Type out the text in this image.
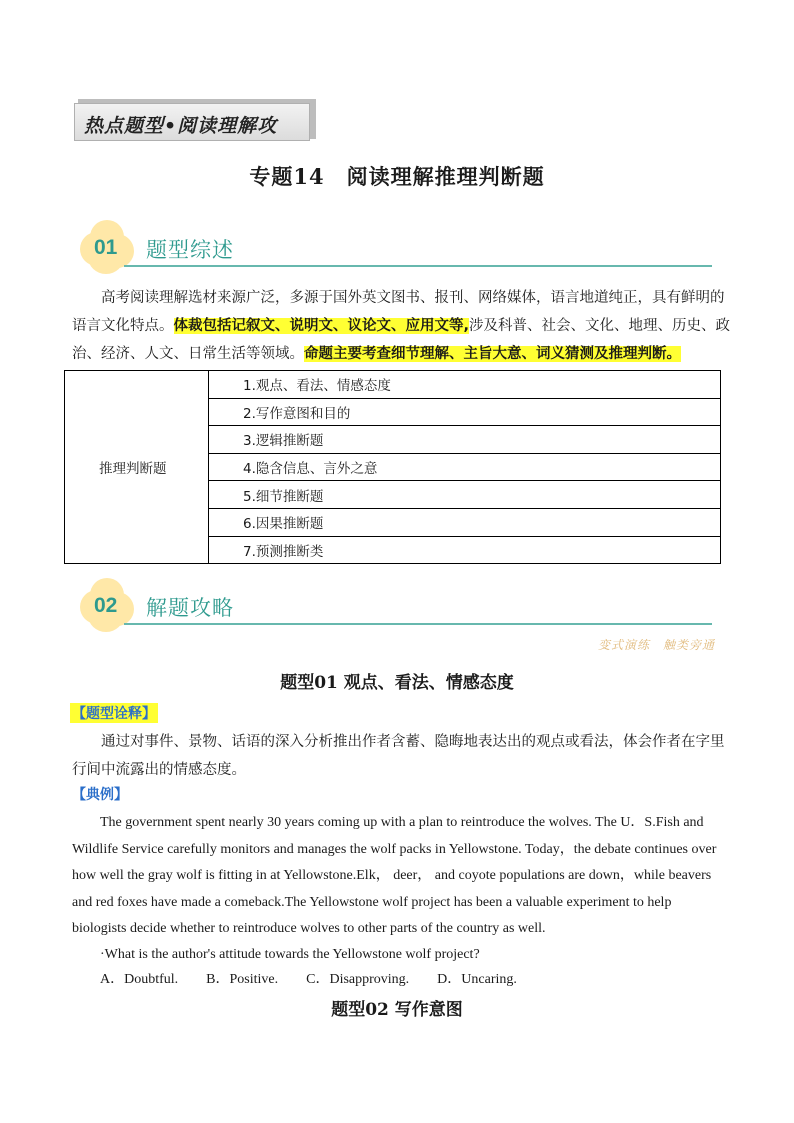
热点题型•阅读理解攻
专题14　阅读理解推理判断题
01 题型综述
高考阅读理解选材来源广泛，多源于国外英文图书、报刊、网络媒体，语言地道纯正，具有鲜明的语言文化特点。体裁包括记叙文、说明文、议论文、应用文等,涉及科普、社会、文化、地理、历史、政治、经济、人文、日常生活等领域。命题主要考查细节理解、主旨大意、词义猜测及推理判断。
推理判断题	1.观点、看法、情感态度
2.写作意图和目的
3.逻辑推断题
4.隐含信息、言外之意
5.细节推断题
6.因果推断题
7.预测推断类
02 解题攻略
变式演练　触类旁通
题型01 观点、看法、情感态度
【题型诠释】
通过对事件、景物、话语的深入分析推出作者含蓄、隐晦地表达出的观点或看法，体会作者在字里行间中流露出的情感态度。
【典例】
The government spent nearly 30 years coming up with a plan to reintroduce the wolves. The U．S.Fish and
Wildlife Service carefully monitors and manages the wolf packs in Yellowstone. Today，the debate continues over
how well the gray wolf is fitting in at Yellowstone.Elk， deer， and coyote populations are down，while beavers
and red foxes have made a comeback.The Yellowstone wolf project has been a valuable experiment to help
biologists decide whether to reintroduce wolves to other parts of the country as well.
·What is the author's attitude towards the Yellowstone wolf project?
A．Doubtful.　　B．Positive.　　C．Disapproving.　　D．Uncaring.
题型02 写作意图
